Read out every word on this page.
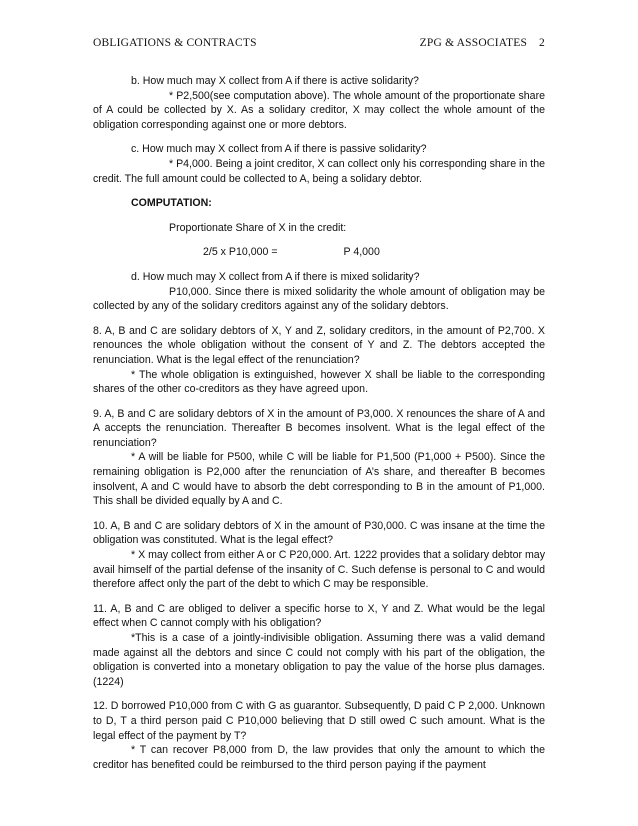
OBLIGATIONS & CONTRACTS	ZPG & ASSOCIATES 2
b. How much may X collect from A if there is active solidarity?
* P2,500(see computation above). The whole amount of the proportionate share of A could be collected by X. As a solidary creditor, X may collect the whole amount of the obligation corresponding against one or more debtors.
c. How much may X collect from A if there is passive solidarity?
* P4,000. Being a joint creditor, X can collect only his corresponding share in the credit. The full amount could be collected to A, being a solidary debtor.

COMPUTATION:

Proportionate Share of X in the credit:

2/5 x P10,000 =	P 4,000

d. How much may X collect from A if there is mixed solidarity?
P10,000. Since there is mixed solidarity the whole amount of obligation may be collected by any of the solidary creditors against any of the solidary debtors.
8. A, B and C are solidary debtors of X, Y and Z, solidary creditors, in the amount of P2,700. X renounces the whole obligation without the consent of Y and Z. The debtors accepted the renunciation. What is the legal effect of the renunciation?
* The whole obligation is extinguished, however X shall be liable to the corresponding shares of the other co-creditors as they have agreed upon.
9. A, B and C are solidary debtors of X in the amount of P3,000. X renounces the share of A and A accepts the renunciation. Thereafter B becomes insolvent. What is the legal effect of the renunciation?
* A will be liable for P500, while C will be liable for P1,500 (P1,000 + P500). Since the remaining obligation is P2,000 after the renunciation of A’s share, and thereafter B becomes insolvent, A and C would have to absorb the debt corresponding to B in the amount of P1,000. This shall be divided equally by A and C.
10. A, B and C are solidary debtors of X in the amount of P30,000. C was insane at the time the obligation was constituted. What is the legal effect?
* X may collect from either A or C P20,000. Art. 1222 provides that a solidary debtor may avail himself of the partial defense of the insanity of C. Such defense is personal to C and would therefore affect only the part of the debt to which C may be responsible.
11. A, B and C are obliged to deliver a specific horse to X, Y and Z. What would be the legal effect when C cannot comply with his obligation?
*This is a case of a jointly-indivisible obligation. Assuming there was a valid demand made against all the debtors and since C could not comply with his part of the obligation, the obligation is converted into a monetary obligation to pay the value of the horse plus damages. (1224)
12. D borrowed P10,000 from C with G as guarantor. Subsequently, D paid C P 2,000. Unknown to D, T a third person paid C P10,000 believing that D still owed C such amount. What is the legal effect of the payment by T?
* T can recover P8,000 from D, the law provides that only the amount to which the creditor has benefited could be reimbursed to the third person paying if the payment
